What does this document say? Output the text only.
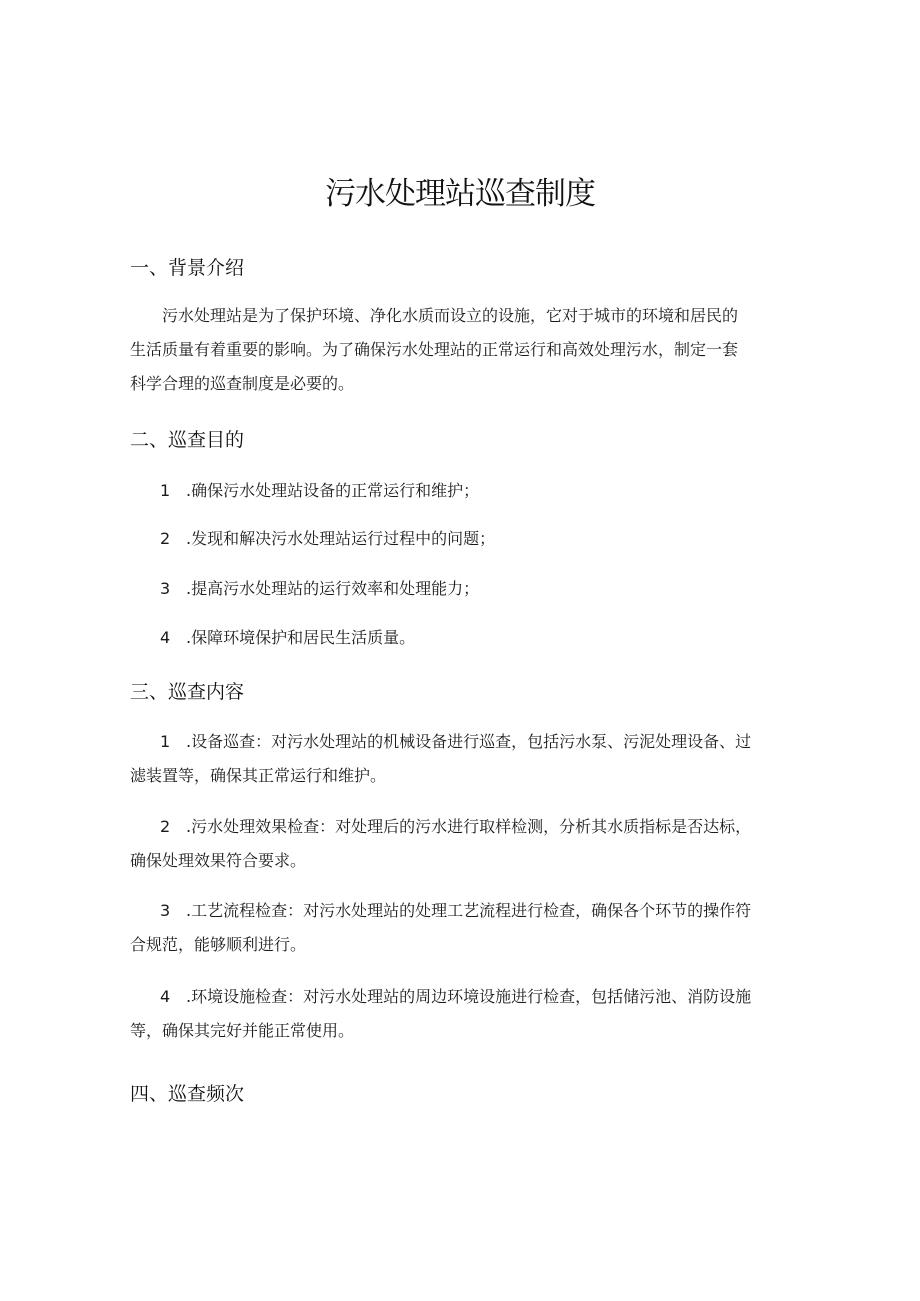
污水处理站巡查制度
一、背景介绍
污水处理站是为了保护环境、净化水质而设立的设施，它对于城市的环境和居民的
生活质量有着重要的影响。为了确保污水处理站的正常运行和高效处理污水，制定一套
科学合理的巡查制度是必要的。
二、巡查目的
1 .确保污水处理站设备的正常运行和维护；
2 .发现和解决污水处理站运行过程中的问题；
3 .提高污水处理站的运行效率和处理能力；
4 .保障环境保护和居民生活质量。
三、巡查内容
1 .设备巡查：对污水处理站的机械设备进行巡查，包括污水泵、污泥处理设备、过
滤装置等，确保其正常运行和维护。
2 .污水处理效果检查：对处理后的污水进行取样检测，分析其水质指标是否达标，
确保处理效果符合要求。
3 .工艺流程检查：对污水处理站的处理工艺流程进行检查，确保各个环节的操作符
合规范，能够顺利进行。
4 .环境设施检查：对污水处理站的周边环境设施进行检查，包括储污池、消防设施
等，确保其完好并能正常使用。
四、巡查频次
